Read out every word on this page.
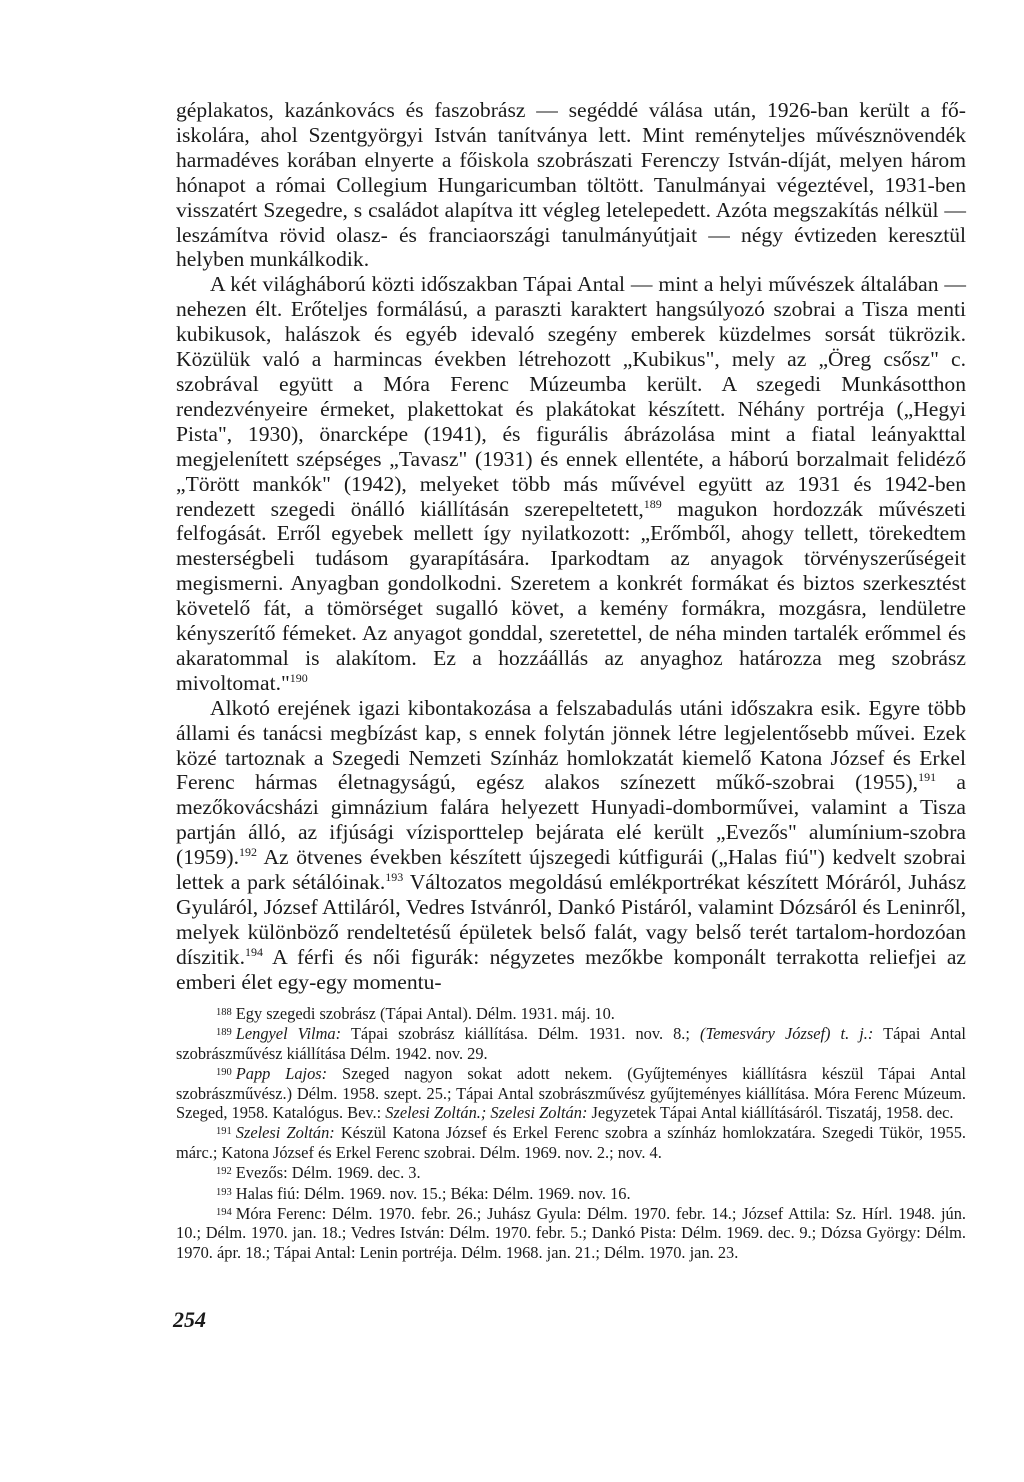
géplakatos, kazánkovács és faszobrász — segéddé válása után, 1926-ban került a főiskolára, ahol Szentgyörgyi István tanítványa lett. Mint reményteljes művésznövendék harmadéves korában elnyerte a főiskola szobrászati Ferenczy István-díját, melyen három hónapot a római Collegium Hungaricumban töltött. Tanulmányai végeztével, 1931-ben visszatért Szegedre, s családot alapítva itt végleg letelepedett. Azóta megszakítás nélkül — leszámítva rövid olasz- és franciaországi tanulmányútjait — négy évtizeden keresztül helyben munkálkodik.

A két világháború közti időszakban Tápai Antal — mint a helyi művészek általában — nehezen élt. Erőteljes formálású, a paraszti karaktert hangsúlyozó szobrai a Tisza menti kubikusok, halászok és egyéb idevaló szegény emberek küzdelmes sorsát tükrözik. Közülük való a harmincas években létrehozott „Kubikus", mely az „Öreg csősz" c. szobrával együtt a Móra Ferenc Múzeumba került. A szegedi Munkásotthon rendezvényeire érmeket, plakettokat és plakátokat készített. Néhány portréja („Hegyi Pista", 1930), önarcképe (1941), és figurális ábrázolása mint a fiatal leányakttal megjelenített szépséges „Tavasz" (1931) és ennek ellentéte, a háború borzalmait felidéző „Törött mankók" (1942), melyeket több más művével együtt az 1931 és 1942-ben rendezett szegedi önálló kiállításán szerepeltetett,$^{189}$ magukon hordozzák művészeti felfogását. Erről egyebek mellett így nyilatkozott: „Erőmből, ahogy tellett, törekedtem mesterségbeli tudásom gyarapítására. Iparkodtam az anyagok törvényszerűségeit megismerni. Anyagban gondolkodni. Szeretem a konkrét formákat és biztos szerkesztést követelő fát, a tömörséget sugalló követ, a kemény formákra, mozgásra, lendületre kényszerítő fémeket. Az anyagot gonddal, szeretettel, de néha minden tartalék erőmmel és akaratommal is alakítom. Ez a hozzáállás az anyaghoz határozza meg szobrász mivoltomat."$^{190}$

Alkotó erejének igazi kibontakozása a felszabadulás utáni időszakra esik. Egyre több állami és tanácsi megbízást kap, s ennek folytán jönnek létre legjelentősebb művei. Ezek közé tartoznak a Szegedi Nemzeti Színház homlokzatát kiemelő Katona József és Erkel Ferenc hármas életnagyságú, egész alakos színezett műkő-szobrai (1955),$^{191}$ a mezőkovácsházi gimnázium falára helyezett Hunyadi-domborművei, valamint a Tisza partján álló, az ifjúsági vízisporttelep bejárata elé került „Evezős" alumínium-szobra (1959).$^{192}$ Az ötvenes években készített újszegedi kútfigurái („Halas fiú") kedvelt szobrai lettek a park sétálóinak.$^{193}$ Változatos megoldású emlékportrékat készített Móráról, Juhász Gyuláról, József Attiláról, Vedres Istvánról, Dankó Pistáról, valamint Dózsáról és Leninről, melyek különböző rendeltetésű épületek belső falát, vagy belső terét tartalom-hordozóan díszitik.$^{194}$ A férfi és női figurák: négyzetes mezőkbe komponált terrakotta reliefjei az emberi élet egy-egy momentu-

$^{188}$ Egy szegedi szobrász (Tápai Antal). Délm. 1931. máj. 10.

$^{189}$ Lengyel Vilma: Tápai szobrász kiállítása. Délm. 1931. nov. 8.; (Temesváry József) t. j.: Tápai Antal szobrászművész kiállítása Délm. 1942. nov. 29.

$^{190}$ Papp Lajos: Szeged nagyon sokat adott nekem. (Gyűjteményes kiállításra készül Tápai Antal szobrászművész.) Délm. 1958. szept. 25.; Tápai Antal szobrászművész gyűjteményes kiállítása. Móra Ferenc Múzeum. Szeged, 1958. Katalógus. Bev.: Szelesi Zoltán.; Szelesi Zoltán: Jegyzetek Tápai Antal kiállításáról. Tiszatáj, 1958. dec.

$^{191}$ Szelesi Zoltán: Készül Katona József és Erkel Ferenc szobra a színház homlokzatára. Szegedi Tükör, 1955. márc.; Katona József és Erkel Ferenc szobrai. Délm. 1969. nov. 2.; nov. 4.

$^{192}$ Evezős: Délm. 1969. dec. 3.

$^{193}$ Halas fiú: Délm. 1969. nov. 15.; Béka: Délm. 1969. nov. 16.

$^{194}$ Móra Ferenc: Délm. 1970. febr. 26.; Juhász Gyula: Délm. 1970. febr. 14.; József Attila: Sz. Hírl. 1948. jún. 10.; Délm. 1970. jan. 18.; Vedres István: Délm. 1970. febr. 5.; Dankó Pista: Délm. 1969. dec. 9.; Dózsa György: Délm. 1970. ápr. 18.; Tápai Antal: Lenin portréja. Délm. 1968. jan. 21.; Délm. 1970. jan. 23.

254
